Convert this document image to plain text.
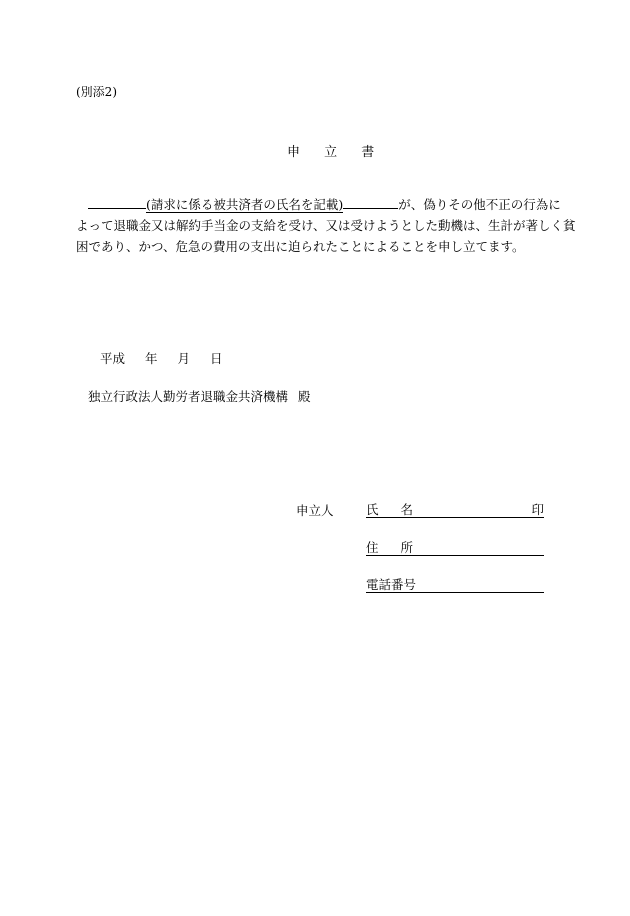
(別添2)
申 立 書
(請求に係る被共済者の氏名を記載)	が、偽りその他不正の行為に
よって退職金又は解約手当金の支給を受け、又は受けようとした動機は、生計が著しく貧
困であり、かつ、危急の費用の支出に迫られたことによることを申し立てます。
平成 年 月 日
独立行政法人勤労者退職金共済機構 殿
申立人	氏名	印
住所
電話番号
